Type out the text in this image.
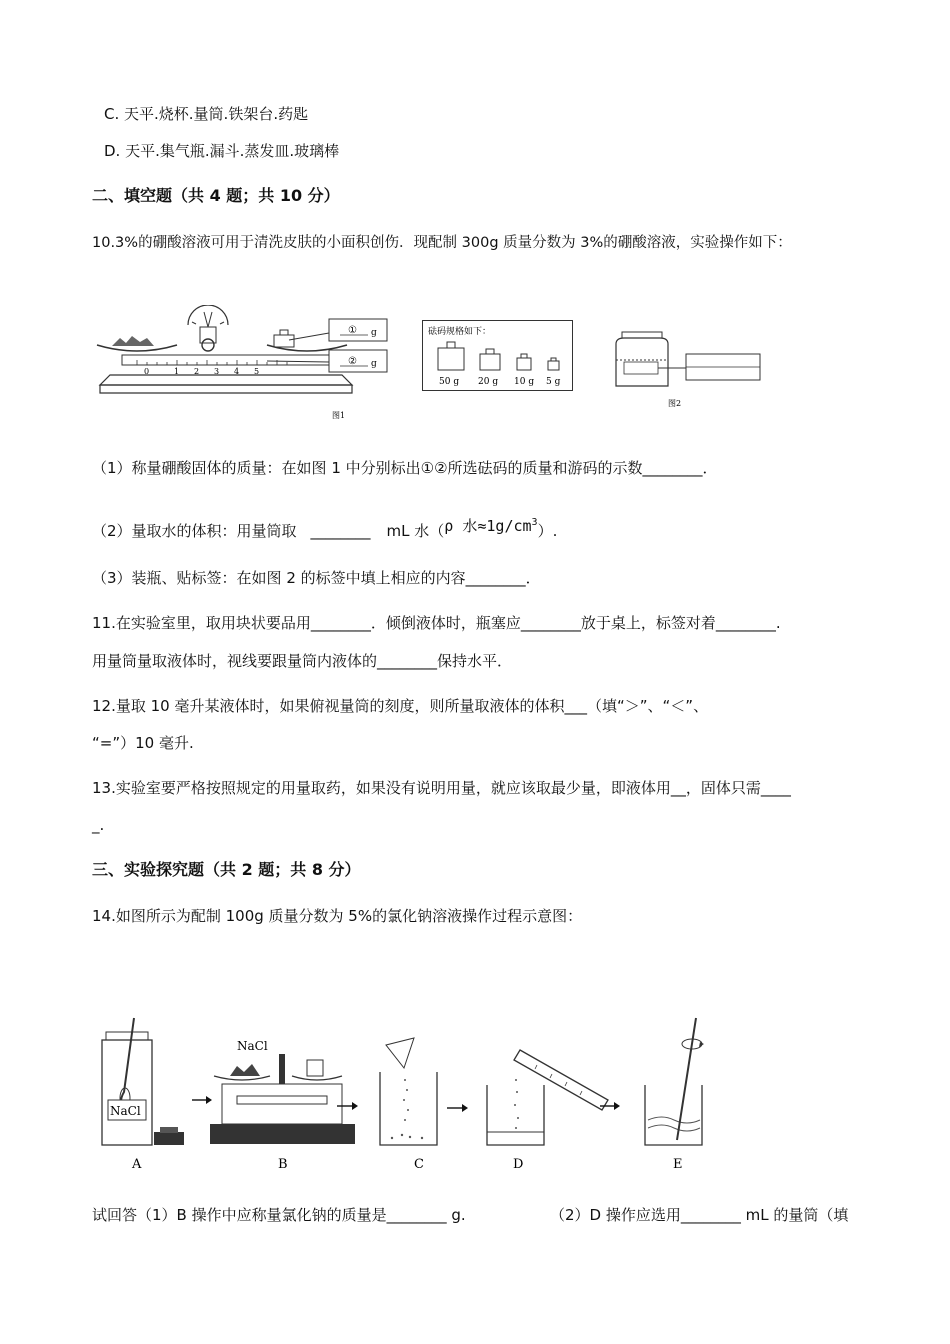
C. 天平.烧杯.量筒.铁架台.药匙
D. 天平.集气瓶.漏斗.蒸发皿.玻璃棒
二、填空题（共 4 题；共 10 分）
10.3%的硼酸溶液可用于清洗皮肤的小面积创伤．现配制 300g 质量分数为 3%的硼酸溶液，实验操作如下：
0	1 2 3 4 5
①
②
g
g
图1
砝码规格如下：
50 g 20 g 10 g 5 g
图2
（1）称量硼酸固体的质量：在如图 1 中分别标出①②所选砝码的质量和游码的示数________．
（2）量取水的体积：用量筒取 ________ mL 水（ρ 水$\approx 1g/cm^3$）.
（3）装瓶、贴标签：在如图 2 的标签中填上相应的内容________．
11.在实验室里，取用块状要品用________．倾倒液体时，瓶塞应________放于桌上，标签对着________.
用量筒量取液体时，视线要跟量筒内液体的________保持水平．
12.量取 10 毫升某液体时，如果俯视量筒的刻度，则所量取液体的体积___（填“＞”、“＜”、
“=”）10 毫升.
13.实验室要严格按照规定的用量取药，如果没有说明用量，就应该取最少量，即液体用__，固体只需____
_.
三、实验探究题（共 2 题；共 8 分）
14.如图所示为配制 100g 质量分数为 5%的氯化钠溶液操作过程示意图：
NaCl
NaCl
A	B	C	D	E
试回答（1）B 操作中应称量氯化钠的质量是________ g.	（2）D 操作应选用________ mL 的量筒（填
